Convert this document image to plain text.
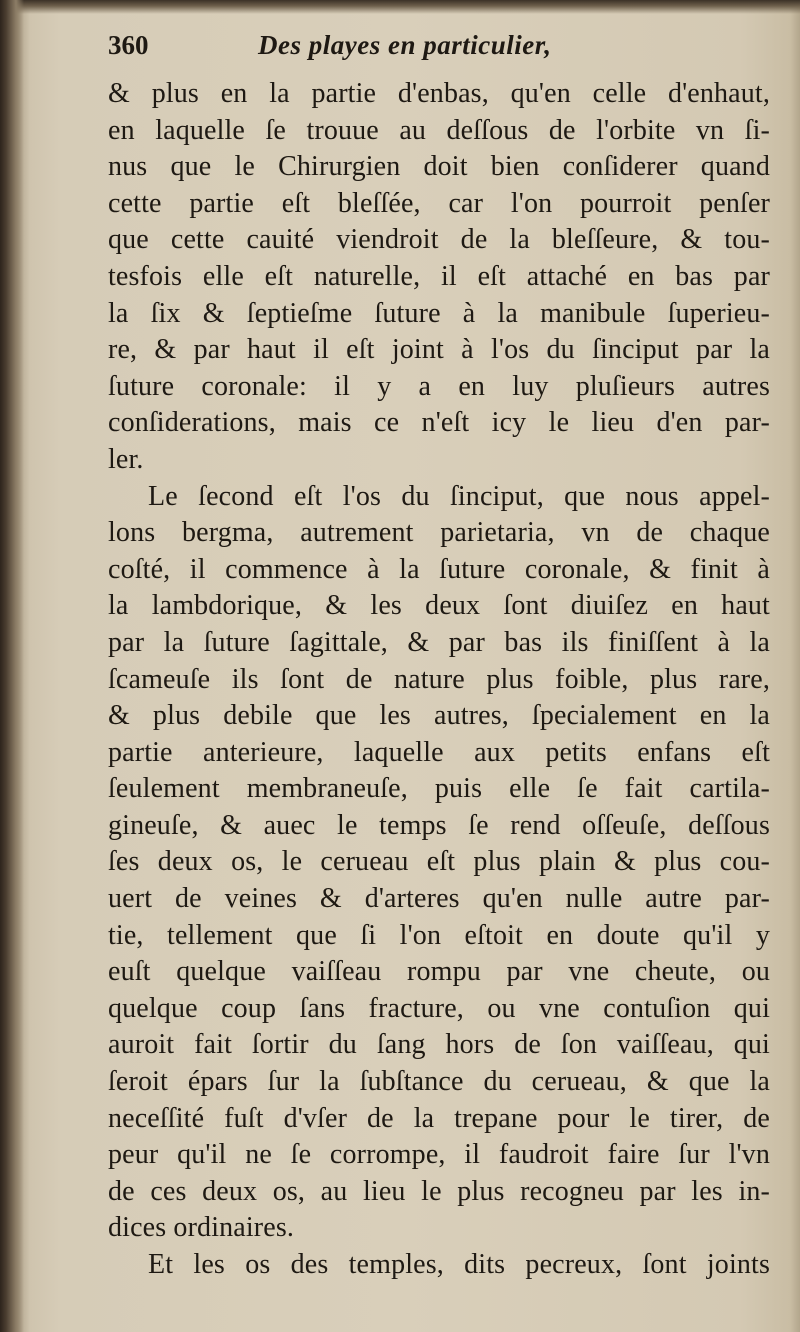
360	Des playes en particulier,
& plus en la partie d'enbas, qu'en celle d'enhaut,
en laquelle ſe trouue au deſſous de l'orbite vn ſi-
nus que le Chirurgien doit bien conſiderer quand
cette partie eſt bleſſée, car l'on pourroit penſer
que cette cauité viendroit de la bleſſeure, & tou-
tesfois elle eſt naturelle, il eſt attaché en bas par
la ſix & ſeptieſme ſuture à la manibule ſuperieu-
re, & par haut il eſt joint à l'os du ſinciput par la
ſuture coronale: il y a en luy pluſieurs autres
conſiderations, mais ce n'eſt icy le lieu d'en par-
ler.
Le ſecond eſt l'os du ſinciput, que nous appel-
lons bergma, autrement parietaria, vn de chaque
coſté, il commence à la ſuture coronale, & finit à
la lambdorique, & les deux ſont diuiſez en haut
par la ſuture ſagittale, & par bas ils finiſſent à la
ſcameuſe ils ſont de nature plus foible, plus rare,
& plus debile que les autres, ſpecialement en la
partie anterieure, laquelle aux petits enfans eſt
ſeulement membraneuſe, puis elle ſe fait cartila-
gineuſe, & auec le temps ſe rend oſſeuſe, deſſous
ſes deux os, le cerueau eſt plus plain & plus cou-
uert de veines & d'arteres qu'en nulle autre par-
tie, tellement que ſi l'on eſtoit en doute qu'il y
euſt quelque vaiſſeau rompu par vne cheute, ou
quelque coup ſans fracture, ou vne contuſion qui
auroit fait ſortir du ſang hors de ſon vaiſſeau, qui
ſeroit épars ſur la ſubſtance du cerueau, & que la
neceſſité fuſt d'vſer de la trepane pour le tirer, de
peur qu'il ne ſe corrompe, il faudroit faire ſur l'vn
de ces deux os, au lieu le plus recogneu par les in-
dices ordinaires.
Et les os des temples, dits pecreux, ſont joints
